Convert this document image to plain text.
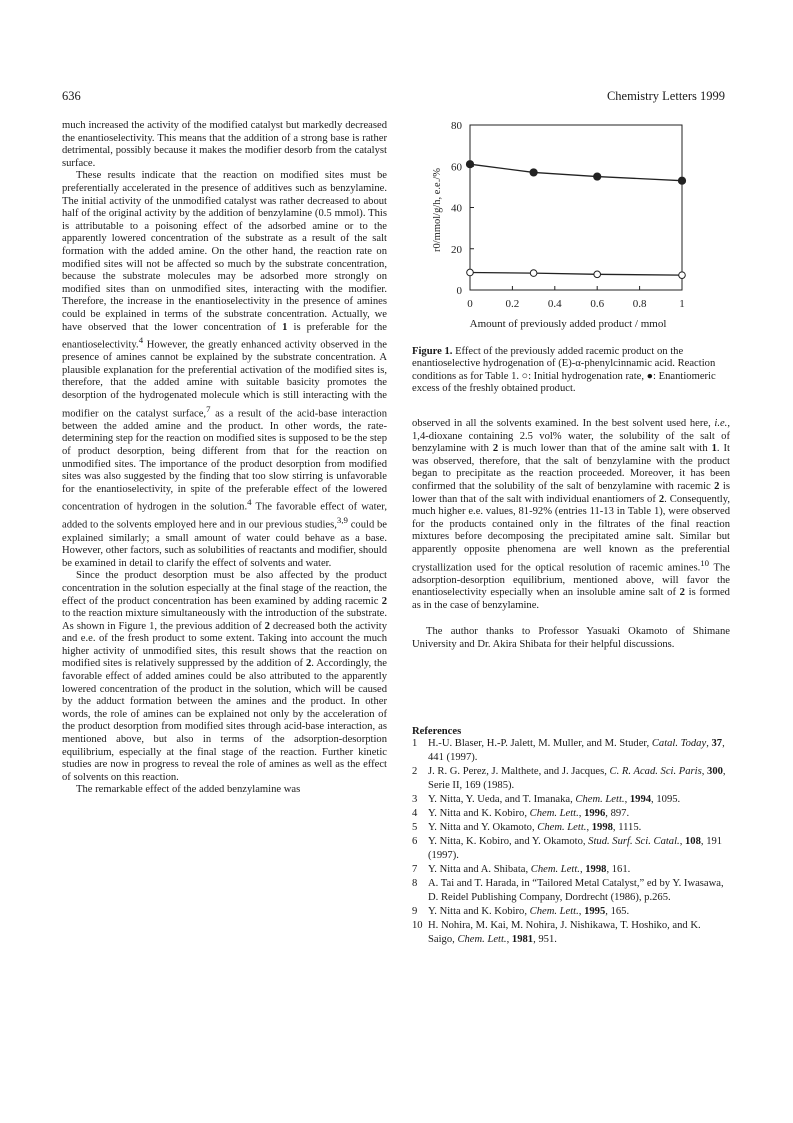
636	Chemistry Letters 1999

much increased the activity of the modified catalyst but markedly decreased the enantioselectivity. This means that the addition of a strong base is rather detrimental, possibly because it makes the modifier desorb from the catalyst surface.

These results indicate that the reaction on modified sites must be preferentially accelerated in the presence of additives such as benzylamine. The initial activity of the unmodified catalyst was rather decreased to about half of the original activity by the addition of benzylamine (0.5 mmol). This is attributable to a poisoning effect of the adsorbed amine or to the apparently lowered concentration of the substrate as a result of the salt formation with the added amine. On the other hand, the reaction rate on modified sites will not be affected so much by the substrate concentration, because the substrate molecules may be adsorbed more strongly on modified sites than on unmodified sites, interacting with the modifier. Therefore, the increase in the enantioselectivity in the presence of amines could be explained in terms of the substrate concentration. Actually, we have observed that the lower concentration of 1 is preferable for the enantioselectivity.$^4$ However, the greatly enhanced activity observed in the presence of amines cannot be explained by the substrate concentration. A plausible explanation for the preferential activation of the modified sites is, therefore, that the added amine with suitable basicity promotes the desorption of the hydrogenated molecule which is still interacting with the modifier on the catalyst surface,$^7$ as a result of the acid-base interaction between the added amine and the product. In other words, the rate-determining step for the reaction on modified sites is supposed to be the step of product desorption, being different from that for the reaction on unmodified sites. The importance of the product desorption from modified sites was also suggested by the finding that too slow stirring is unfavorable for the enantioselectivity, in spite of the preferable effect of the lowered concentration of hydrogen in the solution.$^4$ The favorable effect of water, added to the solvents employed here and in our previous studies,$^{3,9}$ could be explained similarly; a small amount of water could behave as a base. However, other factors, such as solubilities of reactants and modifier, should be examined in detail to clarify the effect of solvents and water.

Since the product desorption must be also affected by the product concentration in the solution especially at the final stage of the reaction, the effect of the product concentration has been examined by adding racemic 2 to the reaction mixture simultaneously with the introduction of the substrate. As shown in Figure 1, the previous addition of 2 decreased both the activity and e.e. of the fresh product to some extent. Taking into account the much higher activity of unmodified sites, this result shows that the reaction on modified sites is relatively suppressed by the addition of 2. Accordingly, the favorable effect of added amines could be also attributed to the apparently lowered concentration of the product in the solution, which will be caused by the adduct formation between the amines and the product. In other words, the role of amines can be explained not only by the acceleration of the product desorption from modified sites through acid-base interaction, as mentioned above, but also in terms of the adsorption-desorption equilibrium, especially at the final stage of the reaction. Further kinetic studies are now in progress to reveal the role of amines as well as the effect of solvents on this reaction.

The remarkable effect of the added benzylamine was

0
20
40
60
80
0	0.2	0.4	0.6	0.8	1
r0/mmol/g/h, e.e./%
Amount of previously added product / mmol
Figure 1. Effect of the previously added racemic product on the enantioselective hydrogenation of (E)-α-phenylcinnamic acid. Reaction conditions as for Table 1. ○: Initial hydrogenation rate, ●: Enantiomeric excess of the freshly obtained product.

observed in all the solvents examined. In the best solvent used here, i.e., 1,4-dioxane containing 2.5 vol% water, the solubility of the salt of benzylamine with 2 is much lower than that of the amine salt with 1. It was observed, therefore, that the salt of benzylamine with the product began to precipitate as the reaction proceeded. Moreover, it has been confirmed that the solubility of the salt of benzylamine with racemic 2 is lower than that of the salt with individual enantiomers of 2. Consequently, much higher e.e. values, 81-92% (entries 11-13 in Table 1), were observed for the products contained only in the filtrates of the final reaction mixtures before decomposing the precipitated amine salt. Similar but apparently opposite phenomena are well known as the preferential crystallization used for the optical resolution of racemic amines.$^{10}$ The adsorption-desorption equilibrium, mentioned above, will favor the enantioselectivity especially when an insoluble amine salt of 2 is formed as in the case of benzylamine.

The author thanks to Professor Yasuaki Okamoto of Shimane University and Dr. Akira Shibata for their helpful discussions.

References
1	H.-U. Blaser, H.-P. Jalett, M. Muller, and M. Studer, Catal. Today, 37, 441 (1997).
2	J. R. G. Perez, J. Malthete, and J. Jacques, C. R. Acad. Sci. Paris, 300, Serie II, 169 (1985).
3	Y. Nitta, Y. Ueda, and T. Imanaka, Chem. Lett., 1994, 1095.
4	Y. Nitta and K. Kobiro, Chem. Lett., 1996, 897.
5	Y. Nitta and Y. Okamoto, Chem. Lett., 1998, 1115.
6	Y. Nitta, K. Kobiro, and Y. Okamoto, Stud. Surf. Sci. Catal., 108, 191 (1997).
7	Y. Nitta and A. Shibata, Chem. Lett., 1998, 161.
8	A. Tai and T. Harada, in “Tailored Metal Catalyst,” ed by Y. Iwasawa, D. Reidel Publishing Company, Dordrecht (1986), p.265.
9	Y. Nitta and K. Kobiro, Chem. Lett., 1995, 165.
10 H. Nohira, M. Kai, M. Nohira, J. Nishikawa, T. Hoshiko, and K. Saigo, Chem. Lett., 1981, 951.
